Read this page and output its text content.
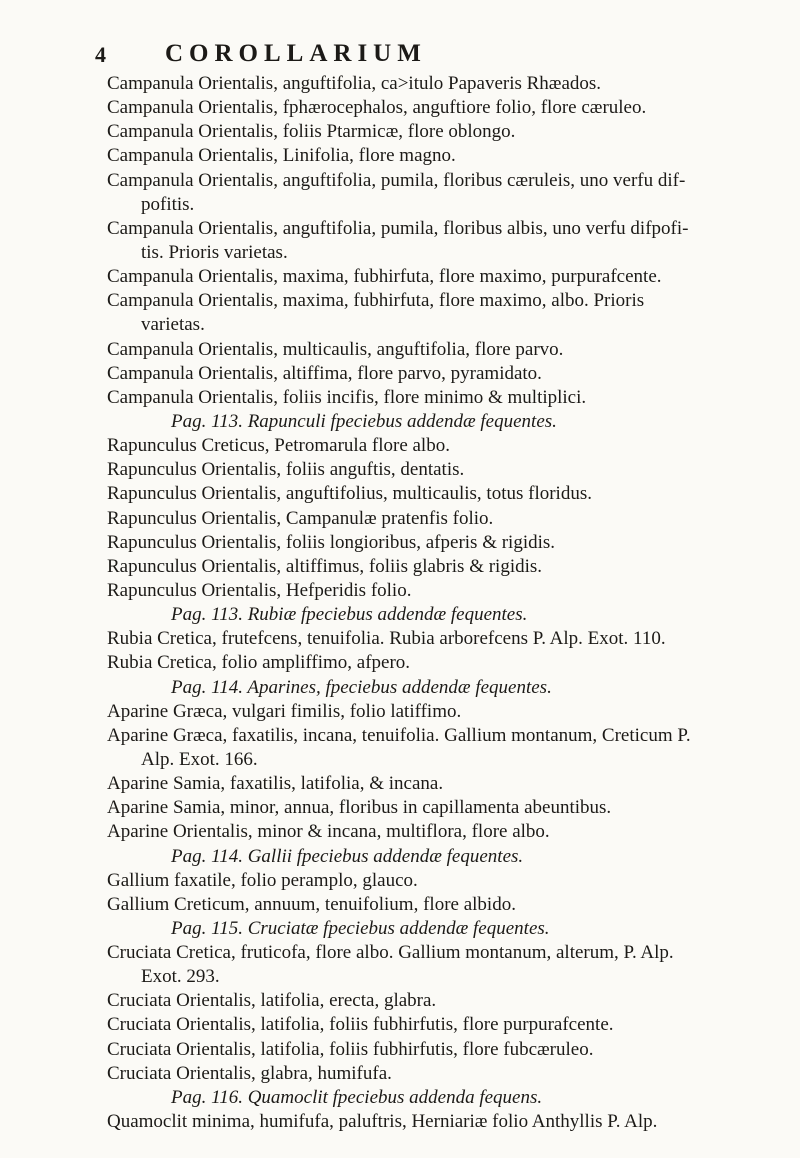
4 COROLLARIUM
Campanula Orientalis, anguftifolia, ca>itulo Papaveris Rhæados.
Campanula Orientalis, fphærocephalos, anguftiore folio, flore cæruleo.
Campanula Orientalis, foliis Ptarmicæ, flore oblongo.
Campanula Orientalis, Linifolia, flore magno.
Campanula Orientalis, anguftifolia, pumila, floribus cæruleis, uno verfu dif-
pofitis.
Campanula Orientalis, anguftifolia, pumila, floribus albis, uno verfu difpofi-
tis. Prioris varietas.
Campanula Orientalis, maxima, fubhirfuta, flore maximo, purpurafcente.
Campanula Orientalis, maxima, fubhirfuta, flore maximo, albo. Prioris
varietas.
Campanula Orientalis, multicaulis, anguftifolia, flore parvo.
Campanula Orientalis, altiffima, flore parvo, pyramidato.
Campanula Orientalis, foliis incifis, flore minimo & multiplici.
Pag. 113. Rapunculi fpeciebus addendæ fequentes.
Rapunculus Creticus, Petromarula flore albo.
Rapunculus Orientalis, foliis anguftis, dentatis.
Rapunculus Orientalis, anguftifolius, multicaulis, totus floridus.
Rapunculus Orientalis, Campanulæ pratenfis folio.
Rapunculus Orientalis, foliis longioribus, afperis & rigidis.
Rapunculus Orientalis, altiffimus, foliis glabris & rigidis.
Rapunculus Orientalis, Hefperidis folio.
Pag. 113. Rubiæ fpeciebus addendæ fequentes.
Rubia Cretica, frutefcens, tenuifolia. Rubia arborefcens P. Alp. Exot. 110.
Rubia Cretica, folio ampliffimo, afpero.
Pag. 114. Aparines, fpeciebus addendæ fequentes.
Aparine Græca, vulgari fimilis, folio latiffimo.
Aparine Græca, faxatilis, incana, tenuifolia. Gallium montanum, Creticum P.
Alp. Exot. 166.
Aparine Samia, faxatilis, latifolia, & incana.
Aparine Samia, minor, annua, floribus in capillamenta abeuntibus.
Aparine Orientalis, minor & incana, multiflora, flore albo.
Pag. 114. Gallii fpeciebus addendæ fequentes.
Gallium faxatile, folio peramplo, glauco.
Gallium Creticum, annuum, tenuifolium, flore albido.
Pag. 115. Cruciatæ fpeciebus addendæ fequentes.
Cruciata Cretica, fruticofa, flore albo. Gallium montanum, alterum, P. Alp.
Exot. 293.
Cruciata Orientalis, latifolia, erecta, glabra.
Cruciata Orientalis, latifolia, foliis fubhirfutis, flore purpurafcente.
Cruciata Orientalis, latifolia, foliis fubhirfutis, flore fubcæruleo.
Cruciata Orientalis, glabra, humifufa.
Pag. 116. Quamoclit fpeciebus addenda fequens.
Quamoclit minima, humifufa, paluftris, Herniariæ folio Anthyllis P. Alp.
